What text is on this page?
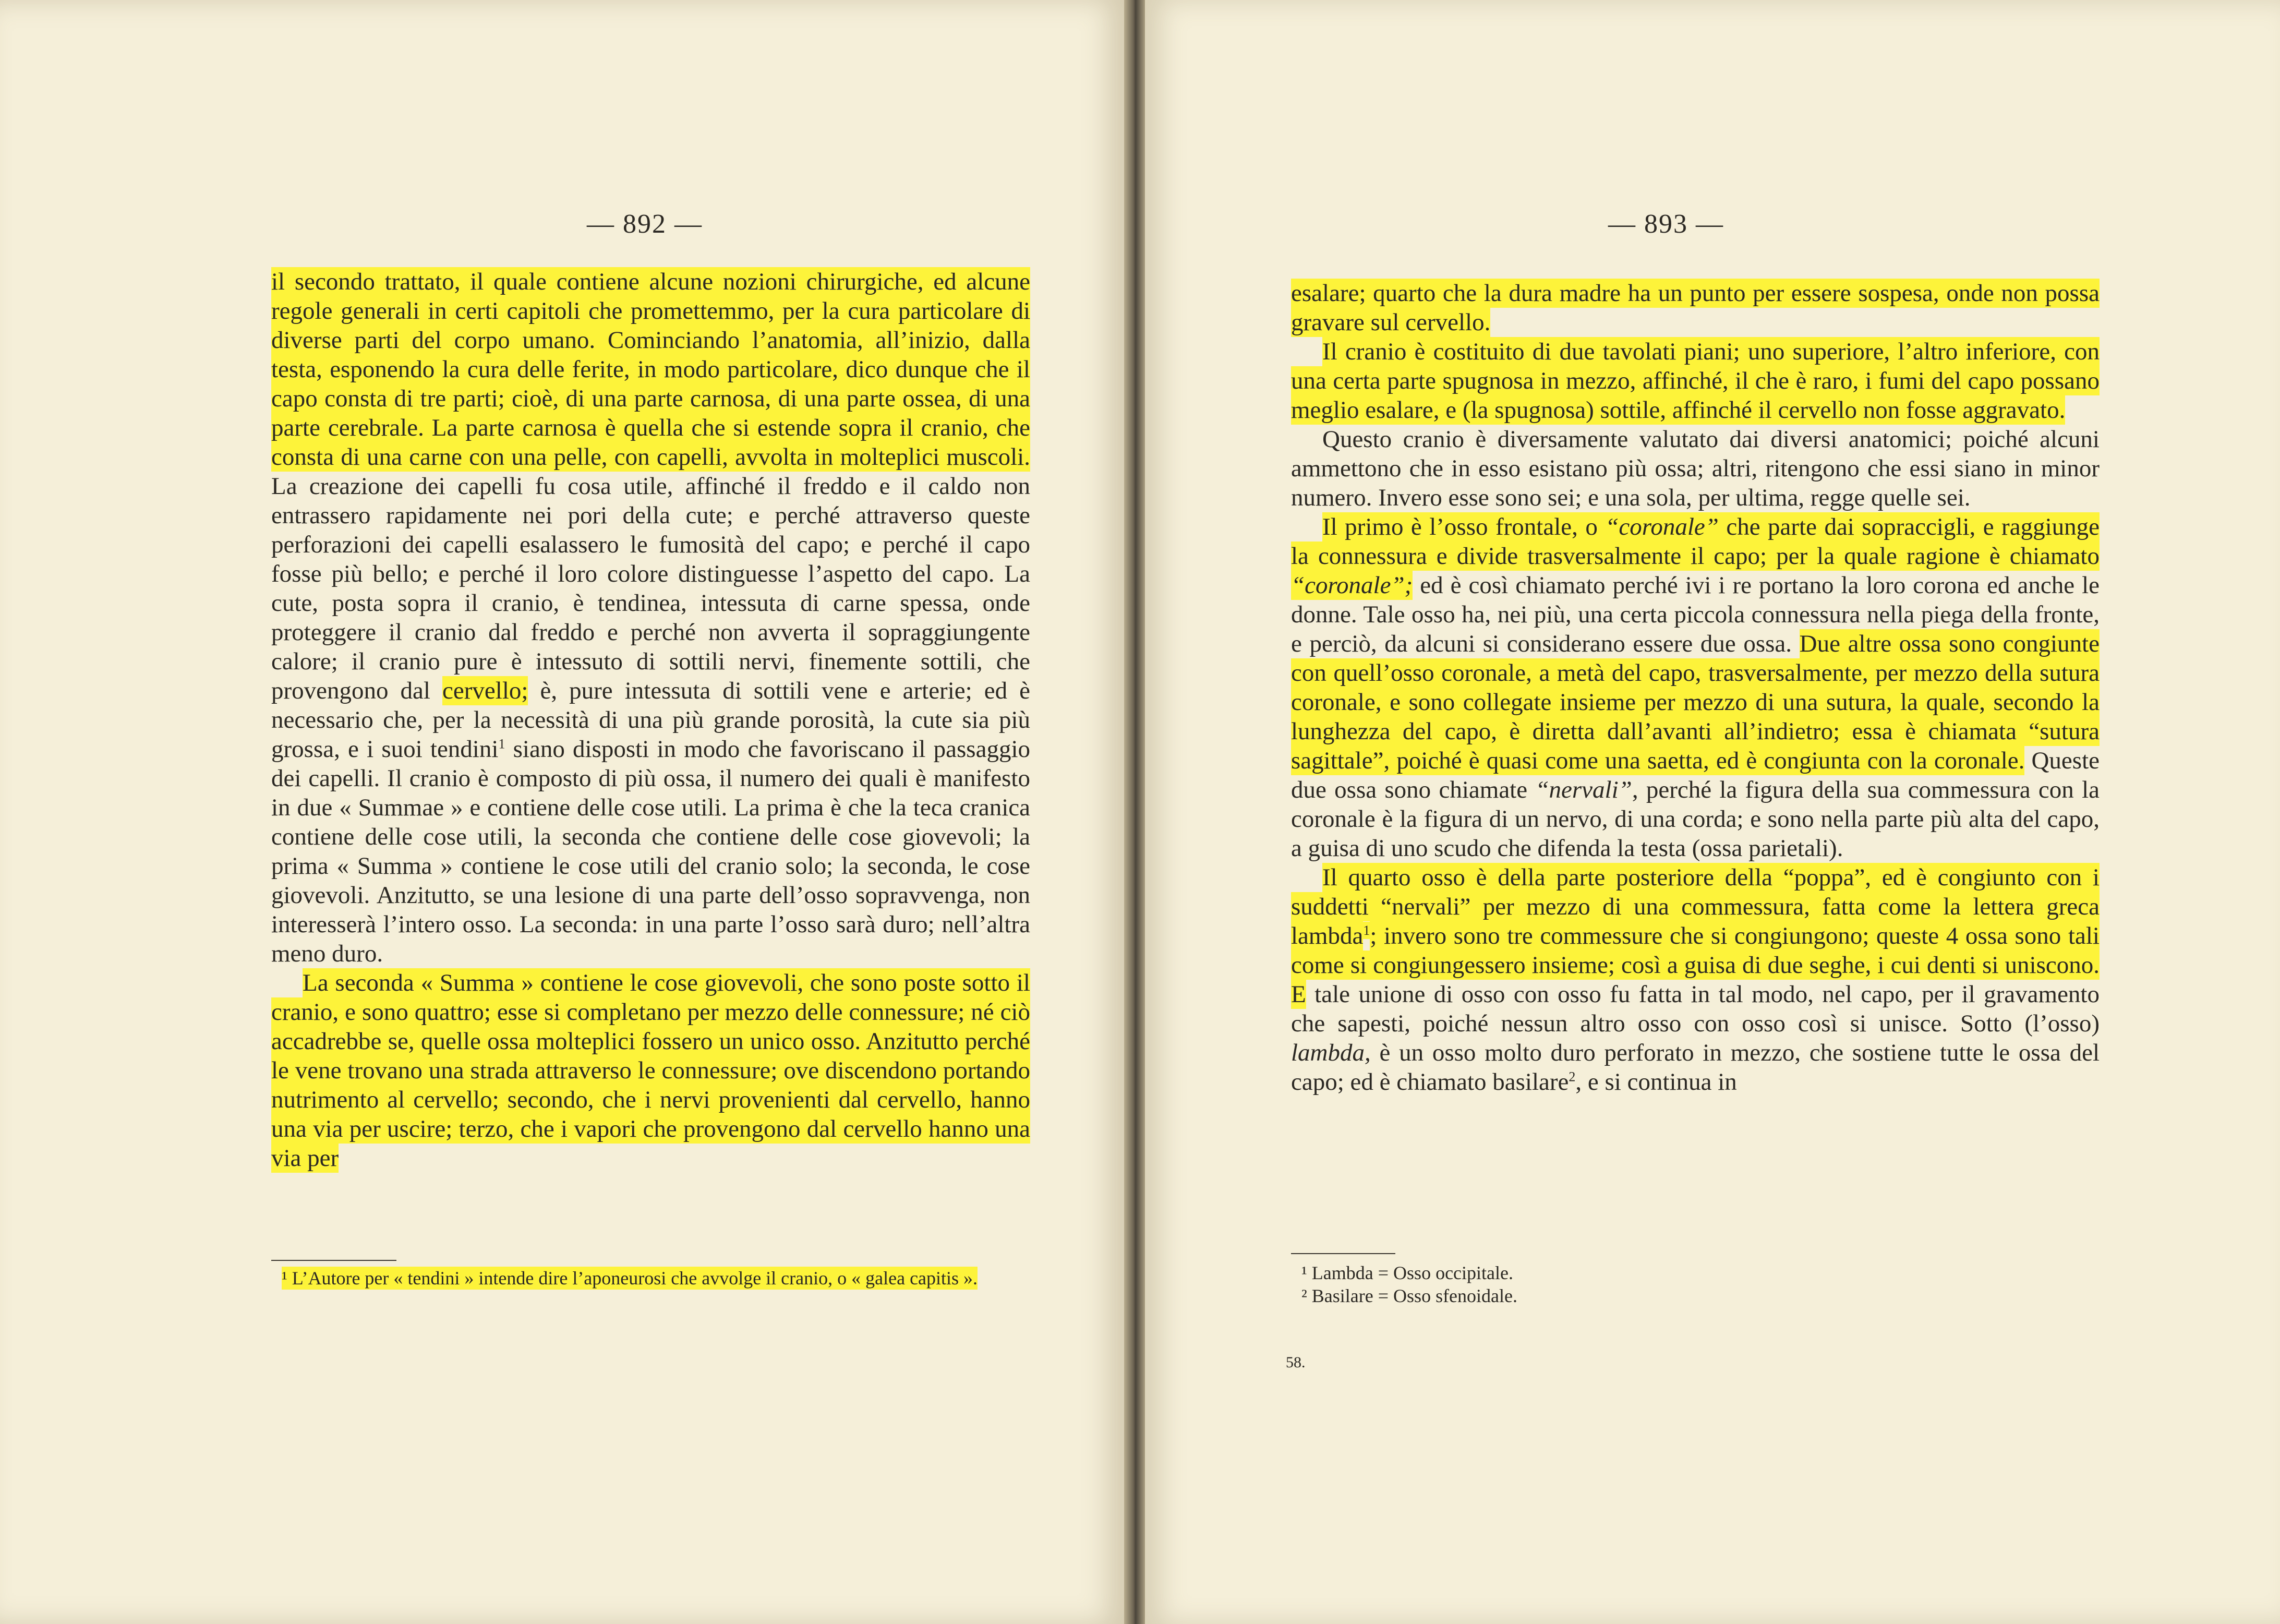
— 892 —

il secondo trattato, il quale contiene alcune nozioni chirurgiche, ed alcune regole generali in certi capitoli che promettemmo, per la cura particolare di diverse parti del corpo umano. Cominciando l’anatomia, all’inizio, dalla testa, esponendo la cura delle ferite, in modo particolare, dico dunque che il capo consta di tre parti; cioè, di una parte carnosa, di una parte ossea, di una parte cerebrale. La parte carnosa è quella che si estende sopra il cranio, che consta di una carne con una pelle, con capelli, avvolta in molteplici muscoli. La creazione dei capelli fu cosa utile, affinché il freddo e il caldo non entrassero rapidamente nei pori della cute; e perché attraverso queste perforazioni dei capelli esalassero le fumosità del capo; e perché il capo fosse più bello; e perché il loro colore distinguesse l’aspetto del capo. La cute, posta sopra il cranio, è tendinea, intessuta di carne spessa, onde proteggere il cranio dal freddo e perché non avverta il sopraggiungente calore; il cranio pure è intessuto di sottili nervi, finemente sottili, che provengono dal cervello; è, pure intessuta di sottili vene e arterie; ed è necessario che, per la necessità di una più grande porosità, la cute sia più grossa, e i suoi tendini$^1$ siano disposti in modo che favoriscano il passaggio dei capelli. Il cranio è composto di più ossa, il numero dei quali è manifesto in due « Summae » e contiene delle cose utili. La prima è che la teca cranica contiene delle cose utili, la seconda che contiene delle cose giovevoli; la prima « Summa » contiene le cose utili del cranio solo; la seconda, le cose giovevoli. Anzitutto, se una lesione di una parte dell’osso sopravvenga, non interesserà l’intero osso. La seconda: in una parte l’osso sarà duro; nell’altra meno duro.

La seconda « Summa » contiene le cose giovevoli, che sono poste sotto il cranio, e sono quattro; esse si completano per mezzo delle connessure; né ciò accadrebbe se, quelle ossa molteplici fossero un unico osso. Anzitutto perché le vene trovano una strada attraverso le connessure; ove discendono portando nutrimento al cervello; secondo, che i nervi provenienti dal cervello, hanno una via per uscire; terzo, che i vapori che provengono dal cervello hanno una via per

¹ L’Autore per « tendini » intende dire l’aponeurosi che avvolge il cranio, o « galea capitis ».

— 893 —

esalare; quarto che la dura madre ha un punto per essere sospesa, onde non possa gravare sul cervello.

Il cranio è costituito di due tavolati piani; uno superiore, l’altro inferiore, con una certa parte spugnosa in mezzo, affinché, il che è raro, i fumi del capo possano meglio esalare, e (la spugnosa) sottile, affinché il cervello non fosse aggravato.

Questo cranio è diversamente valutato dai diversi anatomici; poiché alcuni ammettono che in esso esistano più ossa; altri, ritengono che essi siano in minor numero. Invero esse sono sei; e una sola, per ultima, regge quelle sei.

Il primo è l’osso frontale, o “coronale” che parte dai sopraccigli, e raggiunge la connessura e divide trasversalmente il capo; per la quale ragione è chiamato “coronale”; ed è così chiamato perché ivi i re portano la loro corona ed anche le donne. Tale osso ha, nei più, una certa piccola connessura nella piega della fronte, e perciò, da alcuni si considerano essere due ossa. Due altre ossa sono congiunte con quell’osso coronale, a metà del capo, trasversalmente, per mezzo della sutura coronale, e sono collegate insieme per mezzo di una sutura, la quale, secondo la lunghezza del capo, è diretta dall’avanti all’indietro; essa è chiamata “sutura sagittale”, poiché è quasi come una saetta, ed è congiunta con la coronale. Queste due ossa sono chiamate “nervali”, perché la figura della sua commessura con la coronale è la figura di un nervo, di una corda; e sono nella parte più alta del capo, a guisa di uno scudo che difenda la testa (ossa parietali).

Il quarto osso è della parte posteriore della “poppa”, ed è congiunto con i suddetti “nervali” per mezzo di una commessura, fatta come la lettera greca lambda$^1$; invero sono tre commessure che si congiungono; queste 4 ossa sono tali come si congiungessero insieme; così a guisa di due seghe, i cui denti si uniscono. E tale unione di osso con osso fu fatta in tal modo, nel capo, per il gravamento che sapesti, poiché nessun altro osso con osso così si unisce. Sotto (l’osso) lambda, è un osso molto duro perforato in mezzo, che sostiene tutte le ossa del capo; ed è chiamato basilare$^2$, e si continua in

¹ Lambda = Osso occipitale.

² Basilare = Osso sfenoidale.

58.
